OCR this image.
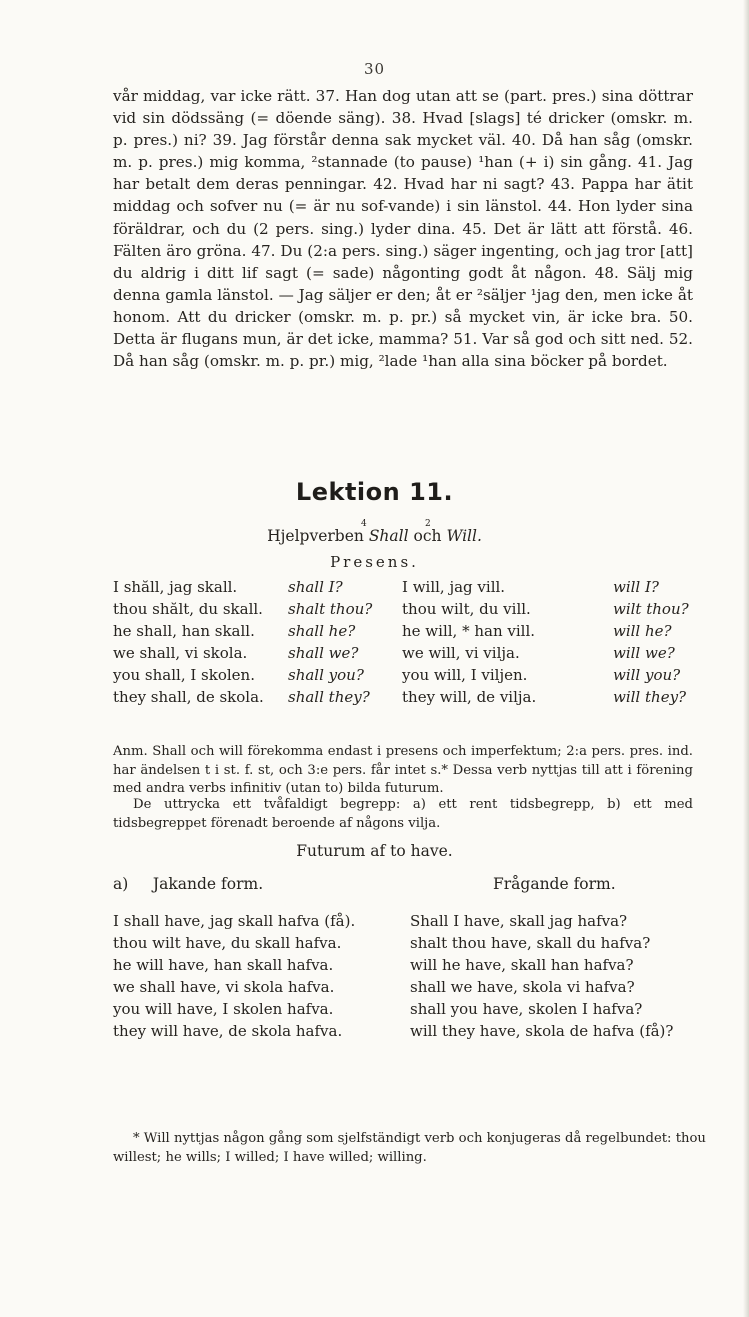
30

vår middag, var icke rätt. 37. Han dog utan att se (part. pres.) sina döttrar vid sin dödssäng (= döende säng). 38. Hvad [slags] té dricker (omskr. m. p. pres.) ni? 39. Jag förstår denna sak mycket väl. 40. Då han såg (omskr. m. p. pres.) mig komma, ²stannade (to pause) ¹han (+ i) sin gång. 41. Jag har betalt dem deras penningar. 42. Hvad har ni sagt? 43. Pappa har ätit middag och sofver nu (= är nu sof-vande) i sin länstol. 44. Hon lyder sina föräldrar, och du (2 pers. sing.) lyder dina. 45. Det är lätt att förstå. 46. Fälten äro gröna. 47. Du (2:a pers. sing.) säger ingenting, och jag tror [att] du aldrig i ditt lif sagt (= sade) någonting godt åt någon. 48. Sälj mig denna gamla länstol. — Jag säljer er den; åt er ²säljer ¹jag den, men icke åt honom. Att du dricker (omskr. m. p. pr.) så mycket vin, är icke bra. 50. Detta är flugans mun, är det icke, mamma? 51. Var så god och sitt ned. 52. Då han såg (omskr. m. p. pr.) mig, ²lade ¹han alla sina böcker på bordet.

Lektion 11.
4	2
Hjelpverben Shall och Will.
Presens.
I shăll, jag skall.
thou shălt, du skall.
he shall, han skall.
we shall, vi skola.
you shall, I skolen.
they shall, de skola.
shall I?
shalt thou?
shall he?
shall we?
shall you?
shall they?
I will, jag vill.
thou wilt, du vill.
he will, * han vill.
we will, vi vilja.
you will, I viljen.
they will, de vilja.
will I?
wilt thou?
will he?
will we?
will you?
will they?

Anm. Shall och will förekomma endast i presens och imperfektum; 2:a pers. pres. ind. har ändelsen t i st. f. st, och 3:e pers. får intet s.* Dessa verb nyttjas till att i förening med andra verbs infinitiv (utan to) bilda futurum.

De uttrycka ett tvåfaldigt begrepp: a) ett rent tidsbegrepp, b) ett med tidsbegreppet förenadt beroende af någons vilja.

Futurum af to have.
a)     Jakande form.	Frågande form.
I shall have, jag skall hafva (få).
thou wilt have, du skall hafva.
he will have, han skall hafva.
we shall have, vi skola hafva.
you will have, I skolen hafva.
they will have, de skola hafva.
Shall I have, skall jag hafva?
shalt thou have, skall du hafva?
will he have, skall han hafva?
shall we have, skola vi hafva?
shall you have, skolen I hafva?
will they have, skola de hafva (få)?

* Will nyttjas någon gång som sjelfständigt verb och konjugeras då regelbundet: thou willest; he wills; I willed; I have willed; willing.
